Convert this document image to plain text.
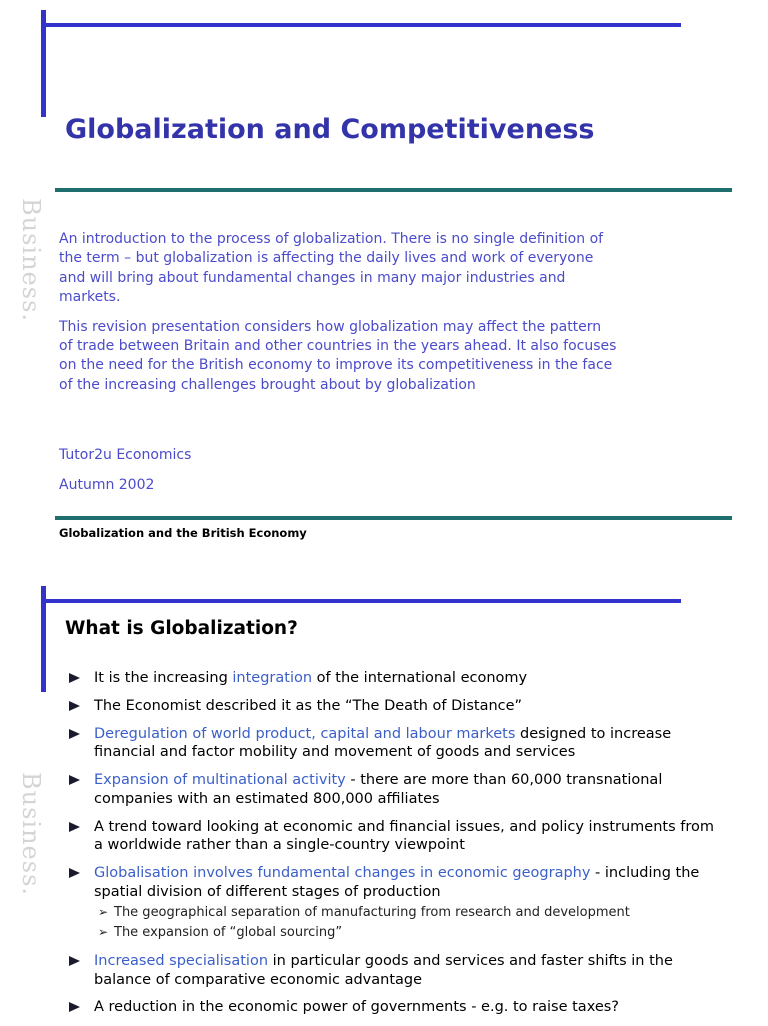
Globalization and Competitiveness
Business. An introduction to the process of globalization. There is no single definition of the term – but globalization is affecting the daily lives and work of everyone and will bring about fundamental changes in many major industries and markets.

This revision presentation considers how globalization may affect the pattern of trade between Britain and other countries in the years ahead. It also focuses on the need for the British economy to improve its competitiveness in the face of the increasing challenges brought about by globalization

Tutor2u Economics
Autumn 2002
Globalization and the British Economy
What is Globalization?
Business.
It is the increasing integration of the international economy
The Economist described it as the “The Death of Distance”
Deregulation of world product, capital and labour markets designed to increase financial and factor mobility and movement of goods and services
Expansion of multinational activity - there are more than 60,000 transnational companies with an estimated 800,000 affiliates
A trend toward looking at economic and financial issues, and policy instruments from a worldwide rather than a single-country viewpoint
Globalisation involves fundamental changes in economic geography - including the spatial division of different stages of production
➢ The geographical separation of manufacturing from research and development
➢ The expansion of “global sourcing”
Increased specialisation in particular goods and services and faster shifts in the balance of comparative economic advantage
A reduction in the economic power of governments - e.g. to raise taxes?
